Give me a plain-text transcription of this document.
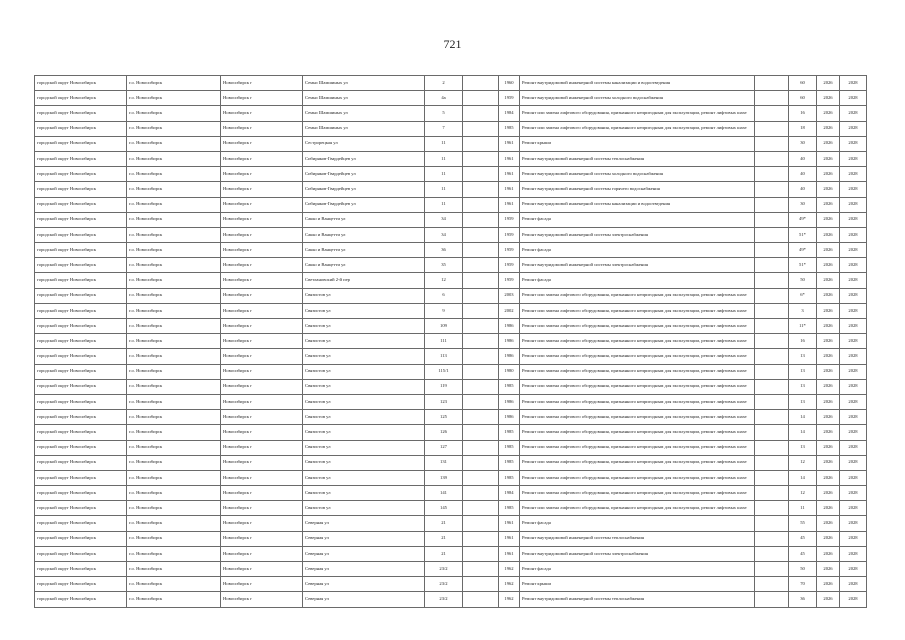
721
городской округ Новосибирск	г.о. Новосибирск	Новосибирск г	Семьи Шамшиных ул	2		1960	Ремонт внутридомовой инженерной системы канализации и водоотведения		60	2026	2028
городской округ Новосибирск	г.о. Новосибирск	Новосибирск г	Семьи Шамшиных ул	4а		1959	Ремонт внутридомовой инженерной системы холодного водоснабжения		60	2026	2028
городской округ Новосибирск	г.о. Новосибирск	Новосибирск г	Семьи Шамшиных ул	5		1984	Ремонт или замена лифтового оборудования, признанного непригодным для эксплуатации, ремонт лифтовых шахт		16	2026	2028
городской округ Новосибирск	г.о. Новосибирск	Новосибирск г	Семьи Шамшиных ул	7		1985	Ремонт или замена лифтового оборудования, признанного непригодным для эксплуатации, ремонт лифтовых шахт		18	2026	2028
городской округ Новосибирск	г.о. Новосибирск	Новосибирск г	Сестрорецкая ул	11		1961	Ремонт крыши		30	2026	2028
городской округ Новосибирск	г.о. Новосибирск	Новосибирск г	Сибиряков-Гвардейцев ул	11		1961	Ремонт внутридомовой инженерной системы теплоснабжения		40	2026	2028
городской округ Новосибирск	г.о. Новосибирск	Новосибирск г	Сибиряков-Гвардейцев ул	11		1961	Ремонт внутридомовой инженерной системы холодного водоснабжения		40	2026	2028
городской округ Новосибирск	г.о. Новосибирск	Новосибирск г	Сибиряков-Гвардейцев ул	11		1961	Ремонт внутридомовой инженерной системы горячего водоснабжения		40	2026	2028
городской округ Новосибирск	г.о. Новосибирск	Новосибирск г	Сибиряков-Гвардейцев ул	11		1961	Ремонт внутридомовой инженерной системы канализации и водоотведения		30	2026	2028
городской округ Новосибирск	г.о. Новосибирск	Новосибирск г	Сакко и Ванцетти ул	34		1959	Ремонт фасада		49*	2026	2028
городской округ Новосибирск	г.о. Новосибирск	Новосибирск г	Сакко и Ванцетти ул	34		1959	Ремонт внутридомовой инженерной системы электроснабжения		51*	2026	2028
городской округ Новосибирск	г.о. Новосибирск	Новосибирск г	Сакко и Ванцетти ул	36		1959	Ремонт фасада		49*	2026	2028
городской округ Новосибирск	г.о. Новосибирск	Новосибирск г	Сакко и Ванцетти ул	35		1959	Ремонт внутридомовой инженерной системы электроснабжения		51*	2026	2028
городской округ Новосибирск	г.о. Новосибирск	Новосибирск г	Светлановский 2-й пер	12		1959	Ремонт фасада		50	2026	2028
городской округ Новосибирск	г.о. Новосибирск	Новосибирск г	Связистов ул	6		2003	Ремонт или замена лифтового оборудования, признанного непригодным для эксплуатации, ремонт лифтовых шахт		6*	2026	2028
городской округ Новосибирск	г.о. Новосибирск	Новосибирск г	Связистов ул	9		2002	Ремонт или замена лифтового оборудования, признанного непригодным для эксплуатации, ремонт лифтовых шахт		3	2026	2028
городской округ Новосибирск	г.о. Новосибирск	Новосибирск г	Связистов ул	109		1986	Ремонт или замена лифтового оборудования, признанного непригодным для эксплуатации, ремонт лифтовых шахт		11*	2026	2028
городской округ Новосибирск	г.о. Новосибирск	Новосибирск г	Связистов ул	111		1986	Ремонт или замена лифтового оборудования, признанного непригодным для эксплуатации, ремонт лифтовых шахт		16	2026	2028
городской округ Новосибирск	г.о. Новосибирск	Новосибирск г	Связистов ул	113		1986	Ремонт или замена лифтового оборудования, признанного непригодным для эксплуатации, ремонт лифтовых шахт		13	2026	2028
городской округ Новосибирск	г.о. Новосибирск	Новосибирск г	Связистов ул	115/1		1980	Ремонт или замена лифтового оборудования, признанного непригодным для эксплуатации, ремонт лифтовых шахт		13	2026	2028
городской округ Новосибирск	г.о. Новосибирск	Новосибирск г	Связистов ул	119		1985	Ремонт или замена лифтового оборудования, признанного непригодным для эксплуатации, ремонт лифтовых шахт		13	2026	2028
городской округ Новосибирск	г.о. Новосибирск	Новосибирск г	Связистов ул	123		1986	Ремонт или замена лифтового оборудования, признанного непригодным для эксплуатации, ремонт лифтовых шахт		13	2026	2028
городской округ Новосибирск	г.о. Новосибирск	Новосибирск г	Связистов ул	125		1986	Ремонт или замена лифтового оборудования, признанного непригодным для эксплуатации, ремонт лифтовых шахт		14	2026	2028
городской округ Новосибирск	г.о. Новосибирск	Новосибирск г	Связистов ул	126		1985	Ремонт или замена лифтового оборудования, признанного непригодным для эксплуатации, ремонт лифтовых шахт		14	2026	2028
городской округ Новосибирск	г.о. Новосибирск	Новосибирск г	Связистов ул	127		1985	Ремонт или замена лифтового оборудования, признанного непригодным для эксплуатации, ремонт лифтовых шахт		13	2026	2028
городской округ Новосибирск	г.о. Новосибирск	Новосибирск г	Связистов ул	131		1985	Ремонт или замена лифтового оборудования, признанного непригодным для эксплуатации, ремонт лифтовых шахт		12	2026	2028
городской округ Новосибирск	г.о. Новосибирск	Новосибирск г	Связистов ул	139		1985	Ремонт или замена лифтового оборудования, признанного непригодным для эксплуатации, ремонт лифтовых шахт		14	2026	2028
городской округ Новосибирск	г.о. Новосибирск	Новосибирск г	Связистов ул	141		1984	Ремонт или замена лифтового оборудования, признанного непригодным для эксплуатации, ремонт лифтовых шахт		12	2026	2028
городской округ Новосибирск	г.о. Новосибирск	Новосибирск г	Связистов ул	145		1985	Ремонт или замена лифтового оборудования, признанного непригодным для эксплуатации, ремонт лифтовых шахт		11	2026	2028
городской округ Новосибирск	г.о. Новосибирск	Новосибирск г	Северная ул	21		1961	Ремонт фасада		55	2026	2028
городской округ Новосибирск	г.о. Новосибирск	Новосибирск г	Северная ул	21		1961	Ремонт внутридомовой инженерной системы теплоснабжения		45	2026	2028
городской округ Новосибирск	г.о. Новосибирск	Новосибирск г	Северная ул	21		1961	Ремонт внутридомовой инженерной системы электроснабжения		45	2026	2028
городской округ Новосибирск	г.о. Новосибирск	Новосибирск г	Северная ул	23/2		1962	Ремонт фасада		50	2026	2028
городской округ Новосибирск	г.о. Новосибирск	Новосибирск г	Северная ул	23/2		1962	Ремонт крыши		70	2026	2028
городской округ Новосибирск	г.о. Новосибирск	Новосибирск г	Северная ул	23/2		1962	Ремонт внутридомовой инженерной системы теплоснабжения		36	2026	2028
